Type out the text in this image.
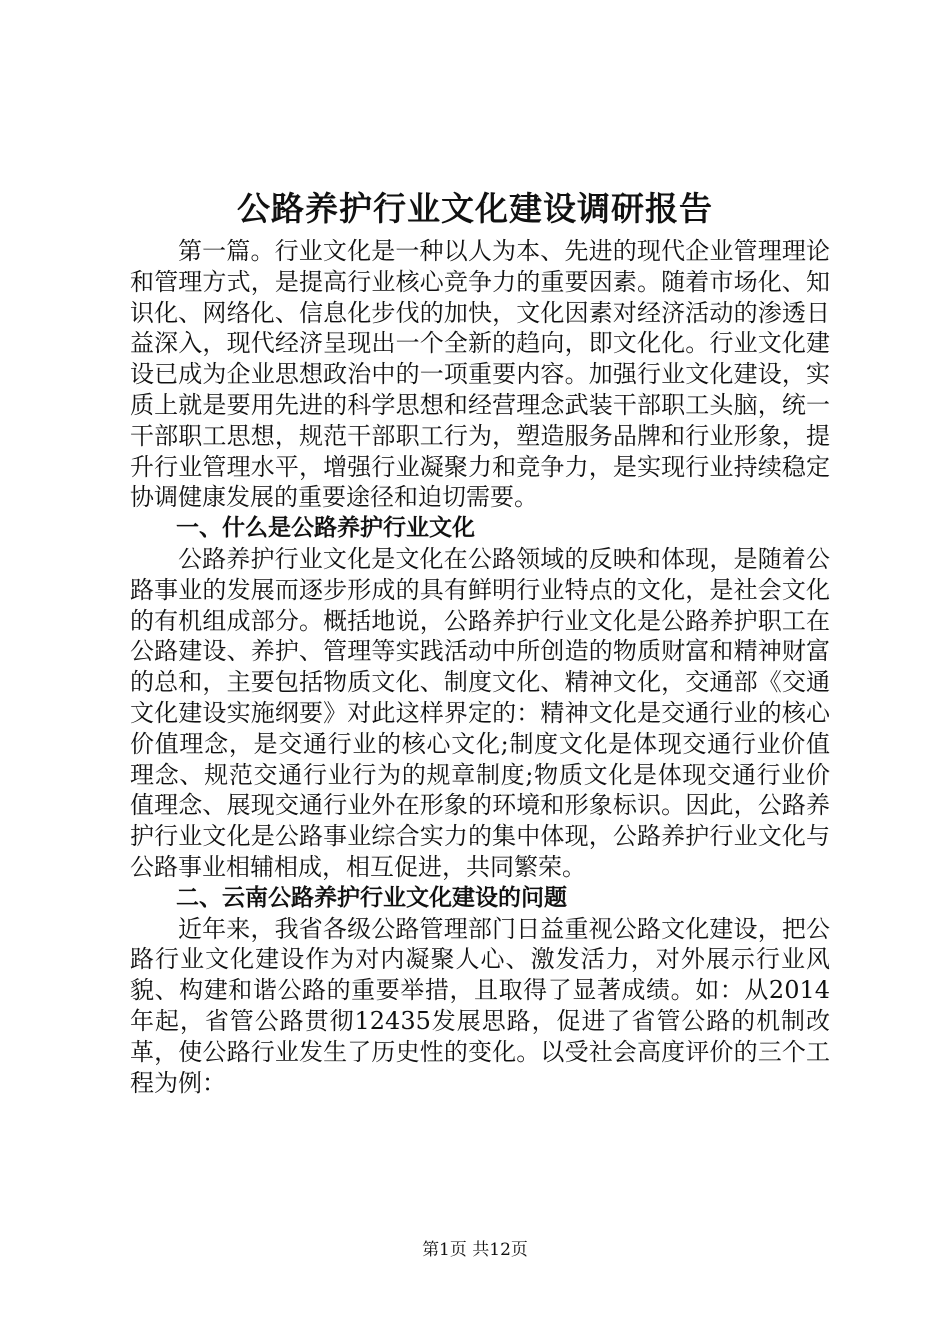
公路养护行业文化建设调研报告

第一篇。行业文化是一种以人为本、先进的现代企业管理理论和管理方式，是提高行业核心竞争力的重要因素。随着市场化、知识化、网络化、信息化步伐的加快，文化因素对经济活动的渗透日益深入，现代经济呈现出一个全新的趋向，即文化化。行业文化建设已成为企业思想政治中的一项重要内容。加强行业文化建设，实质上就是要用先进的科学思想和经营理念武装干部职工头脑，统一干部职工思想，规范干部职工行为，塑造服务品牌和行业形象，提升行业管理水平，增强行业凝聚力和竞争力，是实现行业持续稳定协调健康发展的重要途径和迫切需要。

一、什么是公路养护行业文化

公路养护行业文化是文化在公路领域的反映和体现，是随着公路事业的发展而逐步形成的具有鲜明行业特点的文化，是社会文化的有机组成部分。概括地说，公路养护行业文化是公路养护职工在公路建设、养护、管理等实践活动中所创造的物质财富和精神财富的总和，主要包括物质文化、制度文化、精神文化，交通部《交通文化建设实施纲要》对此这样界定的：精神文化是交通行业的核心价值理念，是交通行业的核心文化;制度文化是体现交通行业价值理念、规范交通行业行为的规章制度;物质文化是体现交通行业价值理念、展现交通行业外在形象的环境和形象标识。因此，公路养护行业文化是公路事业综合实力的集中体现，公路养护行业文化与公路事业相辅相成，相互促进，共同繁荣。

二、云南公路养护行业文化建设的问题

近年来，我省各级公路管理部门日益重视公路文化建设，把公路行业文化建设作为对内凝聚人心、激发活力，对外展示行业风貌、构建和谐公路的重要举措，且取得了显著成绩。如：从2014年起，省管公路贯彻12435发展思路，促进了省管公路的机制改革，使公路行业发生了历史性的变化。以受社会高度评价的三个工程为例：

第1页 共12页
